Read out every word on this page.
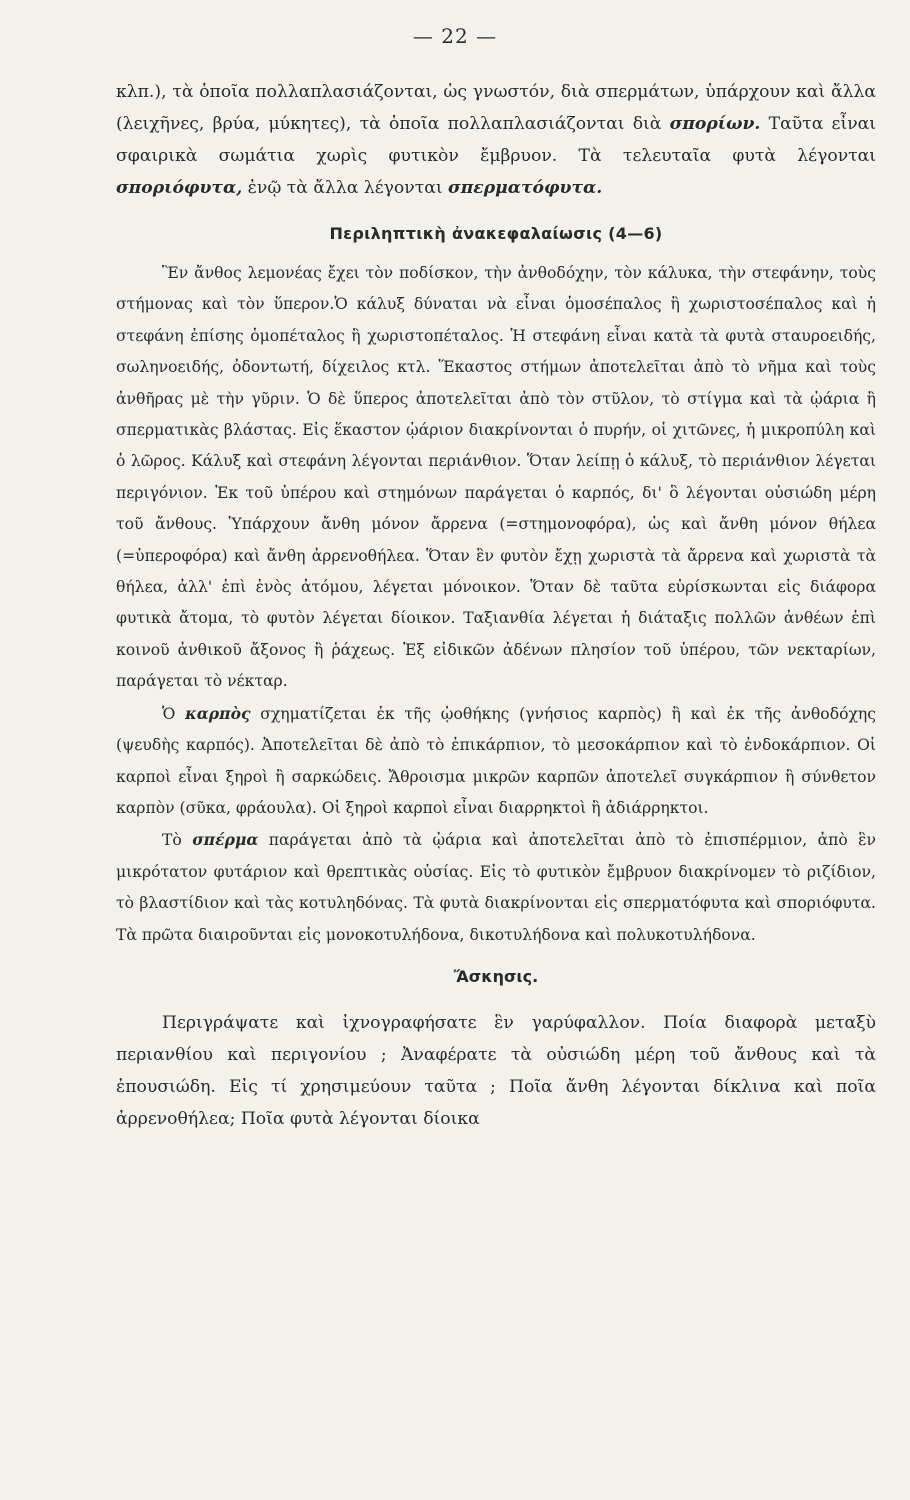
— 22 —

κλπ.), τὰ ὁποῖα πολλαπλασιάζονται, ὡς γνωστόν, διὰ σπερμάτων, ὑπάρχουν καὶ ἄλλα (λειχῆνες, βρύα, μύκητες), τὰ ὁποῖα πολλαπλασιάζονται διὰ σπορίων. Ταῦτα εἶναι σφαιρικὰ σωμάτια χωρὶς φυτικὸν ἔμβρυον. Τὰ τελευταῖα φυτὰ λέγονται σποριόφυτα, ἐνῷ τὰ ἄλλα λέγονται σπερματόφυτα.

Περιληπτικὴ ἀνακεφαλαίωσις (4—6)

Ἓν ἄνθος λεμονέας ἔχει τὸν ποδίσκον, τὴν ἀνθοδόχην, τὸν κάλυκα, τὴν στεφάνην, τοὺς στήμονας καὶ τὸν ὕπερον.Ὁ κάλυξ δύναται νὰ εἶναι ὁμοσέπαλος ἢ χωριστοσέπαλος καὶ ἡ στεφάνη ἐπίσης ὁμοπέταλος ἢ χωριστοπέταλος. Ἡ στεφάνη εἶναι κατὰ τὰ φυτὰ σταυροειδής, σωληνοειδής, ὀδοντωτή, δίχειλος κτλ. Ἕκαστος στήμων ἀποτελεῖται ἀπὸ τὸ νῆμα καὶ τοὺς ἀνθῆρας μὲ τὴν γῦριν. Ὁ δὲ ὕπερος ἀποτελεῖται ἀπὸ τὸν στῦλον, τὸ στίγμα καὶ τὰ ᾠάρια ἢ σπερματικὰς βλάστας. Εἰς ἕκαστον ᾠάριον διακρίνονται ὁ πυρήν, οἱ χιτῶνες, ἡ μικροπύλη καὶ ὁ λῶρος. Κάλυξ καὶ στεφάνη λέγονται περιάνθιον. Ὅταν λείπῃ ὁ κάλυξ, τὸ περιάνθιον λέγεται περιγόνιον. Ἐκ τοῦ ὑπέρου καὶ στημόνων παράγεται ὁ καρπός, δι' ὃ λέγονται οὐσιώδη μέρη τοῦ ἄνθους. Ὑπάρχουν ἄνθη μόνον ἄρρενα (=στημονοφόρα), ὡς καὶ ἄνθη μόνον θήλεα (=ὑπεροφόρα) καὶ ἄνθη ἀρρενοθήλεα. Ὅταν ἓν φυτὸν ἔχῃ χωριστὰ τὰ ἄρρενα καὶ χωριστὰ τὰ θήλεα, ἀλλ' ἐπὶ ἑνὸς ἀτόμου, λέγεται μόνοικον. Ὅταν δὲ ταῦτα εὑρίσκωνται εἰς διάφορα φυτικὰ ἄτομα, τὸ φυτὸν λέγεται δίοικον. Ταξιανθία λέγεται ἡ διάταξις πολλῶν ἀνθέων ἐπὶ κοινοῦ ἀνθικοῦ ἄξονος ἢ ῥάχεως. Ἐξ εἰδικῶν ἀδένων πλησίον τοῦ ὑπέρου, τῶν νεκταρίων, παράγεται τὸ νέκταρ.

Ὁ καρπὸς σχηματίζεται ἐκ τῆς ᾠοθήκης (γνήσιος καρπὸς) ἢ καὶ ἐκ τῆς ἀνθοδόχης (ψευδὴς καρπός). Ἀποτελεῖται δὲ ἀπὸ τὸ ἐπικάρπιον, τὸ μεσοκάρπιον καὶ τὸ ἐνδοκάρπιον. Οἱ καρποὶ εἶναι ξηροὶ ἢ σαρκώδεις. Ἄθροισμα μικρῶν καρπῶν ἀποτελεῖ συγκάρπιον ἢ σύνθετον καρπὸν (σῦκα, φράουλα). Οἱ ξηροὶ καρποὶ εἶναι διαρρηκτοὶ ἢ ἀδιάρρηκτοι.

Τὸ σπέρμα παράγεται ἀπὸ τὰ ᾠάρια καὶ ἀποτελεῖται ἀπὸ τὸ ἐπισπέρμιον, ἀπὸ ἓν μικρότατον φυτάριον καὶ θρεπτικὰς οὐσίας. Εἰς τὸ φυτικὸν ἔμβρυον διακρίνομεν τὸ ριζίδιον, τὸ βλαστίδιον καὶ τὰς κοτυληδόνας. Τὰ φυτὰ διακρίνονται εἰς σπερματόφυτα καὶ σποριόφυτα. Τὰ πρῶτα διαιροῦνται εἰς μονοκοτυλήδονα, δικοτυλήδονα καὶ πολυκοτυλήδονα.

Ἄσκησις.

Περιγράψατε καὶ ἰχνογραφήσατε ἓν γαρύφαλλον. Ποία διαφορὰ μεταξὺ περιανθίου καὶ περιγονίου ; Ἀναφέρατε τὰ οὐσιώδη μέρη τοῦ ἄνθους καὶ τὰ ἐπουσιώδη. Εἰς τί χρησιμεύουν ταῦτα ; Ποῖα ἄνθη λέγονται δίκλινα καὶ ποῖα ἀρρενοθήλεα; Ποῖα φυτὰ λέγονται δίοικα
